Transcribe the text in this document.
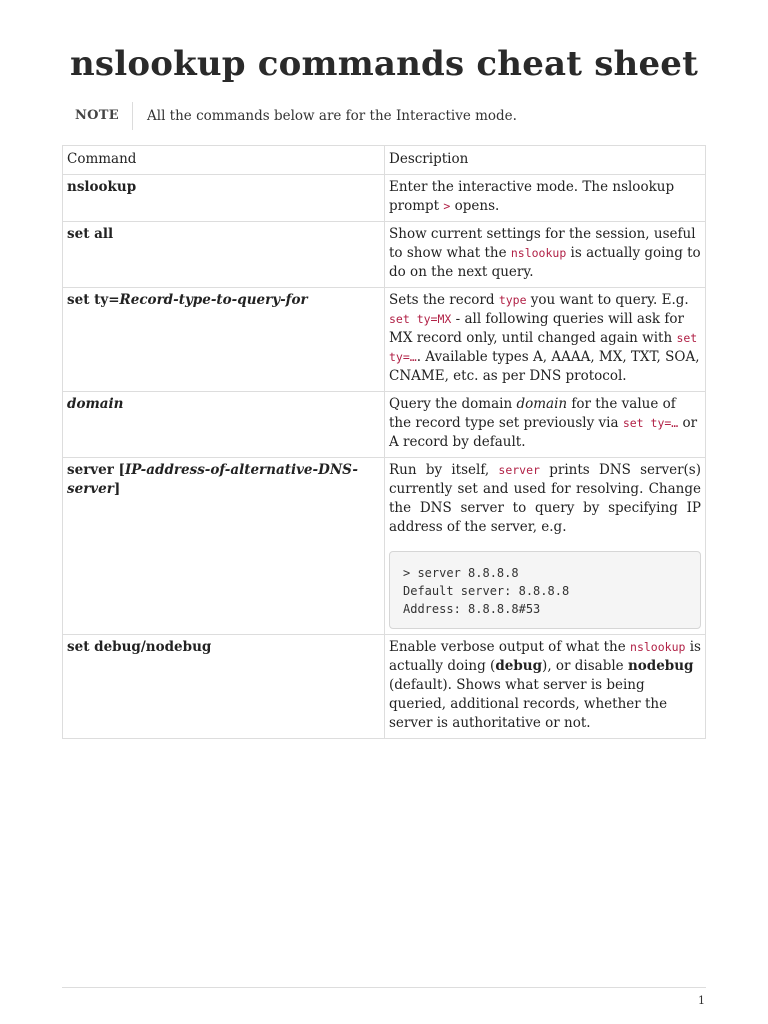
nslookup commands cheat sheet
NOTE	All the commands below are for the Interactive mode.
Command	Description
nslookup	Enter the interactive mode. The nslookup prompt > opens.
set all	Show current settings for the session, useful to show what the nslookup is actually going to do on the next query.
set ty=Record-type-to-query-for	Sets the record type you want to query. E.g. set ty=MX - all following queries will ask for MX record only, until changed again with set ty=…. Available types A, AAAA, MX, TXT, SOA, CNAME, etc. as per DNS protocol.
domain	Query the domain domain for the value of the record type set previously via set ty=… or A record by default.
server [IP-address-of-alternative-DNS-server]	Run by itself, server prints DNS server(s) currently set and used for resolving. Change the DNS server to query by specifying IP address of the server, e.g.
> server 8.8.8.8
Default server: 8.8.8.8
Address: 8.8.8.8#53

set debug/nodebug	Enable verbose output of what the nslookup is actually doing (debug), or disable nodebug (default). Shows what server is being queried, additional records, whether the server is authoritative or not.
1
